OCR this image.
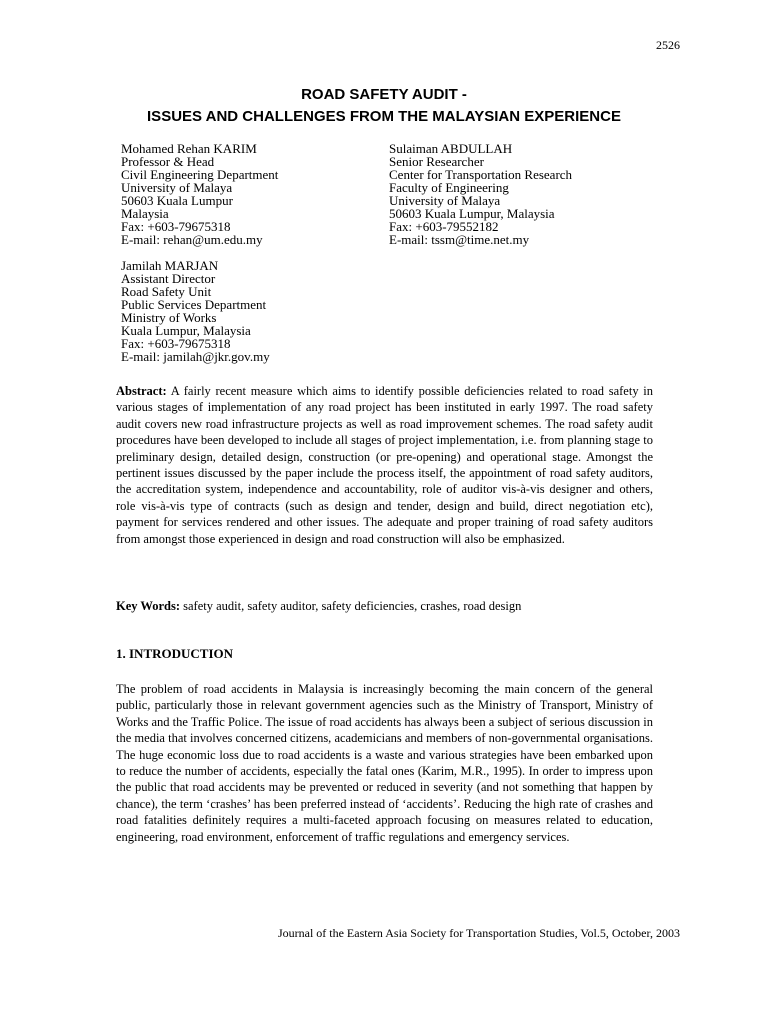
2526
ROAD SAFETY AUDIT -
ISSUES AND CHALLENGES FROM THE MALAYSIAN EXPERIENCE
Mohamed Rehan KARIM
Professor & Head
Civil Engineering Department
University of Malaya
50603 Kuala Lumpur
Malaysia
Fax: +603-79675318
E-mail: rehan@um.edu.my
Sulaiman ABDULLAH
Senior Researcher
Center for Transportation Research
Faculty of Engineering
University of Malaya
50603 Kuala Lumpur, Malaysia
Fax: +603-79552182
E-mail: tssm@time.net.my
Jamilah MARJAN
Assistant Director
Road Safety Unit
Public Services Department
Ministry of Works
Kuala Lumpur, Malaysia
Fax: +603-79675318
E-mail: jamilah@jkr.gov.my
Abstract: A fairly recent measure which aims to identify possible deficiencies related to road safety in various stages of implementation of any road project has been instituted in early 1997. The road safety audit covers new road infrastructure projects as well as road improvement schemes. The road safety audit procedures have been developed to include all stages of project implementation, i.e. from planning stage to preliminary design, detailed design, construction (or pre-opening) and operational stage. Amongst the pertinent issues discussed by the paper include the process itself, the appointment of road safety auditors, the accreditation system, independence and accountability, role of auditor vis-à-vis designer and others, role vis-à-vis type of contracts (such as design and tender, design and build, direct negotiation etc), payment for services rendered and other issues. The adequate and proper training of road safety auditors from amongst those experienced in design and road construction will also be emphasized.
Key Words: safety audit, safety auditor, safety deficiencies, crashes, road design
1. INTRODUCTION
The problem of road accidents in Malaysia is increasingly becoming the main concern of the general public, particularly those in relevant government agencies such as the Ministry of Transport, Ministry of Works and the Traffic Police. The issue of road accidents has always been a subject of serious discussion in the media that involves concerned citizens, academicians and members of non-governmental organisations. The huge economic loss due to road accidents is a waste and various strategies have been embarked upon to reduce the number of accidents, especially the fatal ones (Karim, M.R., 1995). In order to impress upon the public that road accidents may be prevented or reduced in severity (and not something that happen by chance), the term ‘crashes’ has been preferred instead of ‘accidents’. Reducing the high rate of crashes and road fatalities definitely requires a multi-faceted approach focusing on measures related to education, engineering, road environment, enforcement of traffic regulations and emergency services.
Journal of the Eastern Asia Society for Transportation Studies, Vol.5, October, 2003
